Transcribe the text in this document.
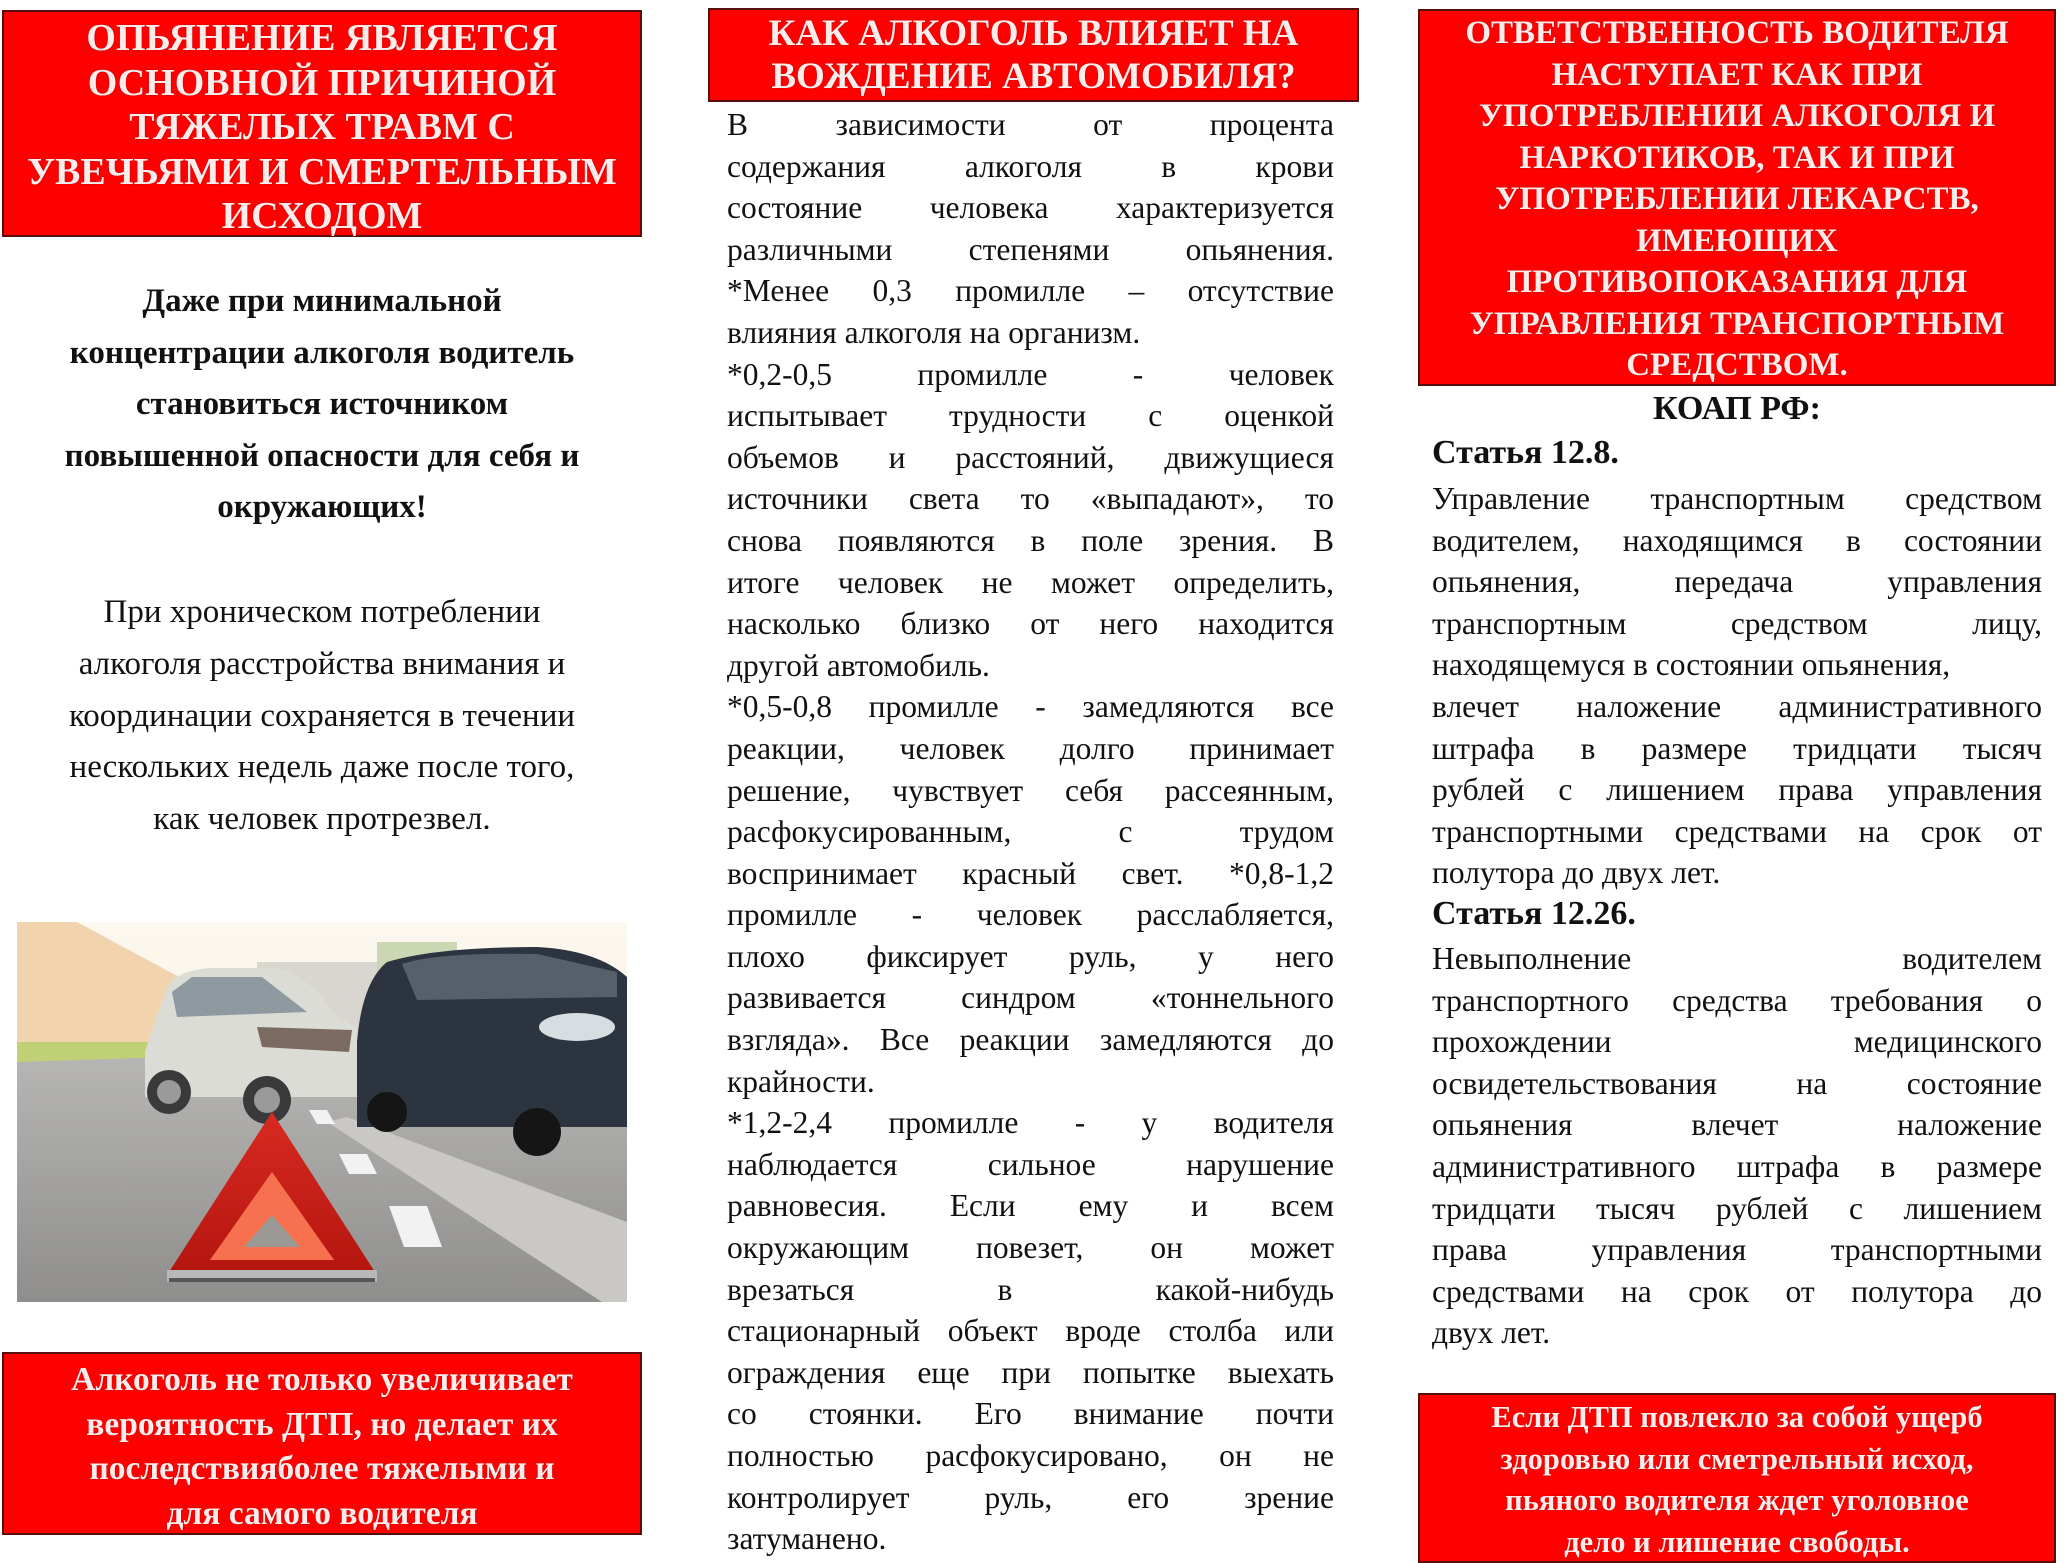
ОПЬЯНЕНИЕ ЯВЛЯЕТСЯ
ОСНОВНОЙ ПРИЧИНОЙ
ТЯЖЕЛЫХ ТРАВМ С
УВЕЧЬЯМИ И СМЕРТЕЛЬНЫМ
ИСХОДОМ
Даже при минимальной
концентрации алкоголя водитель
становиться источником
повышенной опасности для себя и
окружающих!
При хроническом потреблении
алкоголя расстройства внимания и
координации сохраняется в течении
нескольких недель даже после того,
как человек протрезвел.
Алкоголь не только увеличивает
вероятность ДТП, но делает их
последствияболее тяжелыми и
для самого водителя
КАК АЛКОГОЛЬ ВЛИЯЕТ НА
ВОЖДЕНИЕ АВТОМОБИЛЯ?
В	зависимости	от	процента
содержания	алкоголя	в	крови
состояние человека характеризуется
различными степенями опьянения.
*Менее 0,3 промилле – отсутствие
влияния алкоголя на организм.
*0,2-0,5	промилле	-	человек
испытывает трудности с оценкой
объемов и расстояний, движущиеся
источники света то «выпадают», то
снова появляются в поле зрения. В
итоге человек не может определить,
насколько близко от него находится
другой автомобиль.
*0,5-0,8 промилле - замедляются все
реакции, человек долго принимает
решение, чувствует себя рассеянным,
расфокусированным,	с	трудом
воспринимает красный свет. *0,8-1,2
промилле - человек расслабляется,
плохо фиксирует руль, у него
развивается синдром «тоннельного
взгляда». Все реакции замедляются до
крайности.
*1,2-2,4 промилле - у водителя
наблюдается	сильное	нарушение
равновесия. Если ему и всем
окружающим повезет, он может
врезаться	в	какой-нибудь
стационарный объект вроде столба или
ограждения еще при попытке выехать
со стоянки. Его внимание почти
полностью расфокусировано, он не
контролирует руль, его зрение
затуманено.
ОТВЕТСТВЕННОСТЬ ВОДИТЕЛЯ
НАСТУПАЕТ КАК ПРИ
УПОТРЕБЛЕНИИ АЛКОГОЛЯ И
НАРКОТИКОВ, ТАК И ПРИ
УПОТРЕБЛЕНИИ ЛЕКАРСТВ,
ИМЕЮЩИХ
ПРОТИВОПОКАЗАНИЯ ДЛЯ
УПРАВЛЕНИЯ ТРАНСПОРТНЫМ
СРЕДСТВОМ.
КОАП РФ:
Статья 12.8.
Управление транспортным средством
водителем, находящимся в состоянии
опьянения,	передача	управления
транспортным	средством	лицу,
находящемуся в состоянии опьянения,
влечет наложение административного
штрафа в размере тридцати тысяч
рублей с лишением права управления
транспортными средствами на срок от
полутора до двух лет.
Статья 12.26.
Невыполнение	водителем
транспортного средства требования о
прохождении	медицинского
освидетельствования	на	состояние
опьянения	влечет	наложение
административного штрафа в размере
тридцати тысяч рублей с лишением
права	управления	транспортными
средствами на срок от полутора до
двух лет.
Если ДТП повлекло за собой ущерб
здоровью или сметрельный исход,
пьяного водителя ждет уголовное
дело и лишение свободы.
